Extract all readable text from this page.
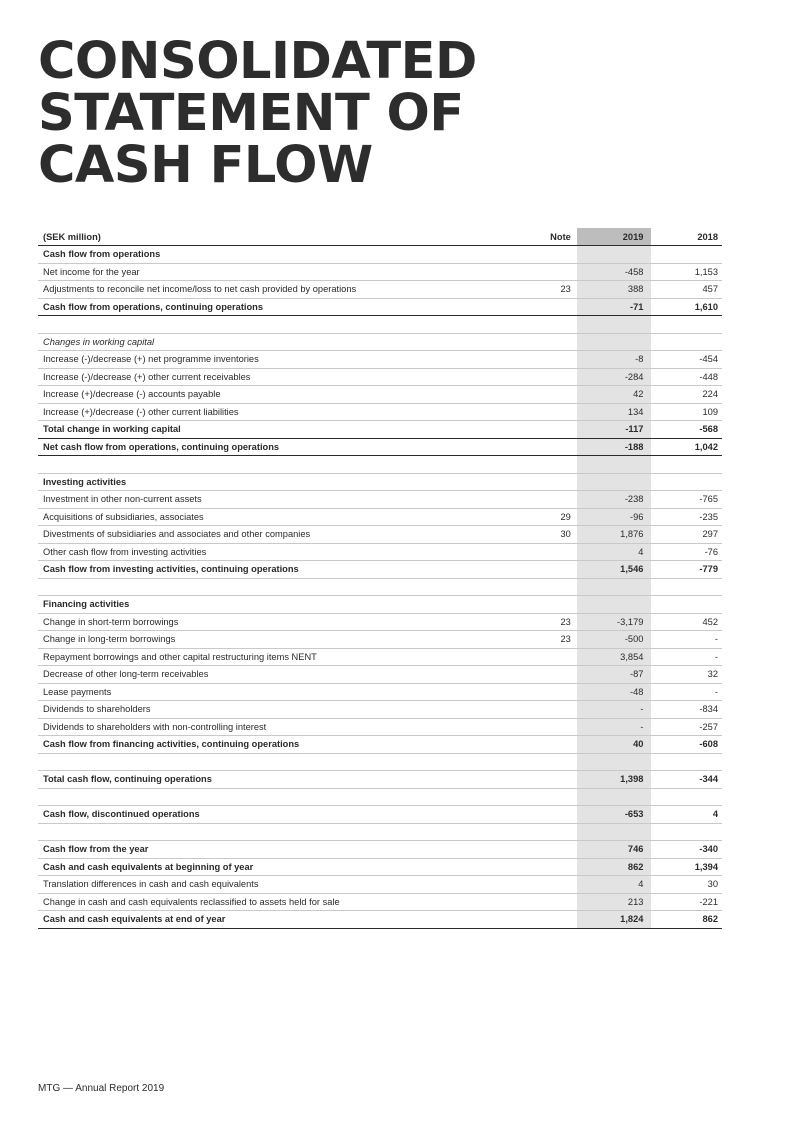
CONSOLIDATED
STATEMENT OF
CASH FLOW
(SEK million)	Note	2019	2018
Cash flow from operations			
Net income for the year		-458	1,153
Adjustments to reconcile net income/loss to net cash provided by operations	23	388	457
Cash flow from operations, continuing operations		-71	1,610

Changes in working capital			
Increase (-)/decrease (+) net programme inventories		-8	-454
Increase (-)/decrease (+) other current receivables		-284	-448
Increase (+)/decrease (-) accounts payable		42	224
Increase (+)/decrease (-) other current liabilities		134	109
Total change in working capital		-117	-568
Net cash flow from operations, continuing operations		-188	1,042

Investing activities			
Investment in other non-current assets		-238	-765
Acquisitions of subsidiaries, associates	29	-96	-235
Divestments of subsidiaries and associates and other companies	30	1,876	297
Other cash flow from investing activities		4	-76
Cash flow from investing activities, continuing operations		1,546	-779

Financing activities			
Change in short-term borrowings	23	-3,179	452
Change in long-term borrowings	23	-500	-
Repayment borrowings and other capital restructuring items NENT		3,854	-
Decrease of other long-term receivables		-87	32
Lease payments		-48	-
Dividends to shareholders		-	-834
Dividends to shareholders with non-controlling interest		-	-257
Cash flow from financing activities, continuing operations		40	-608

Total cash flow, continuing operations		1,398	-344

Cash flow, discontinued operations		-653	4

Cash flow from the year		746	-340
Cash and cash equivalents at beginning of year		862	1,394
Translation differences in cash and cash equivalents		4	30
Change in cash and cash equivalents reclassified to assets held for sale		213	-221
Cash and cash equivalents at end of year		1,824	862
MTG — Annual Report 2019
